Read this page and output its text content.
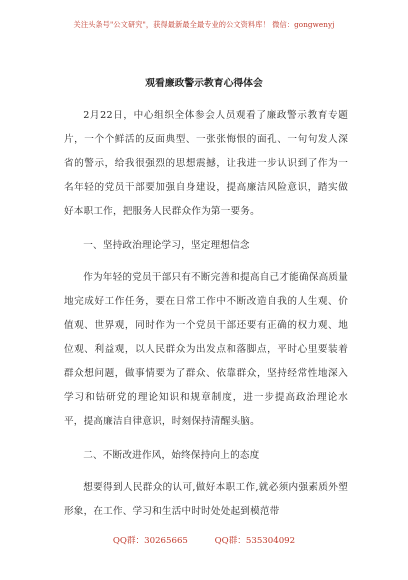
关注头条号"公文研究"，获得最新最全最专业的公文资料库！ 微信：gongwenyj
观看廉政警示教育心得体会

2月22日，中心组织全体参会人员观看了廉政警示教育专题片，一个个鲜活的反面典型、一张张悔恨的面孔、一句句发人深省的警示，给我很强烈的思想震撼，让我进一步认识到了作为一名年轻的党员干部要加强自身建设，提高廉洁风险意识，踏实做好本职工作，把服务人民群众作为第一要务。

一、坚持政治理论学习，坚定理想信念

作为年轻的党员干部只有不断完善和提高自己才能确保高质量地完成好工作任务，要在日常工作中不断改造自我的人生观、价值观、世界观，同时作为一个党员干部还要有正确的权力观、地位观、利益观，以人民群众为出发点和落脚点，平时心里要装着群众想问题，做事情要为了群众、依靠群众，坚持经常性地深入学习和钻研党的理论知识和规章制度，进一步提高政治理论水平，提高廉洁自律意识，时刻保持清醒头脑。

二、不断改进作风，始终保持向上的态度

想要得到人民群众的认可,做好本职工作,就必须内强素质外塑形象，在工作、学习和生活中时时处处起到模范带

QQ群：30265665	QQ群：535304092
